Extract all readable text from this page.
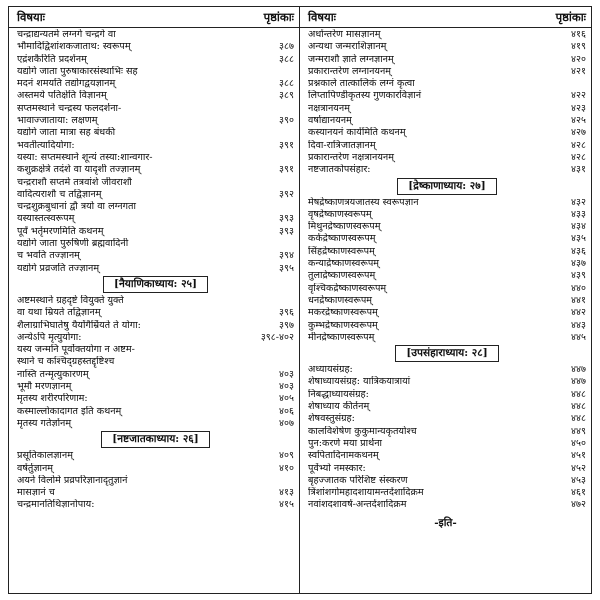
विषयाः	पृष्ठांकाः
चन्द्राद्यन्यतमे लग्नगे चन्द्रगे वा
भौमादिद्विशांशकजाताथ: स्वरूपम्	३८७
एद्रंशकैरिति प्रदर्शनम्	३८८
यद्योगे जाता पुरुषाकारसंस्थाभिः सह
मदनं शमयति तद्योगद्वयज्ञानम्	३८८
अस्तमये पतिक्षेति विज्ञानम्	३८९
सप्तमस्थाने चन्द्रस्य फलदर्शना-
भावाज्जाताया: लक्षणम्	३९०
यद्योगे जाता मात्रा सह बंधकी
भवतीत्यादियोगा:	३९१
यस्या: सप्तमस्थाने शून्यं तस्या:शान्वगार-
कशुक्रक्षेत्रे तदंशे वा यादृशी तज्ज्ञानम्	३९१
चन्द्रराशौ सप्तमे तत्रवांशे जीवराशौ
वादित्यराशौ च तद्विज्ञानम्	३९२
चन्द्रशुक्रबुधानां द्वौ त्रयो वा लग्नगता
यस्यास्तत्स्वरूपम्	३९३
पूर्वं भर्तृमरणमिति कथनम्	३९३
यद्योगे जाता पुरुषिणी ब्रह्मवादिनी
च भवति तज्ज्ञानम्	३९४
यद्योगे प्रव्रजति तज्ज्ञानम्	३९५
[नैयाणिकाध्याय: २५]
अष्टमस्थाने ग्रहदृष्टे वियुक्ते युक्ते
वा यथा म्रियते तद्विज्ञानम्	३९६
शैलाग्राभिघातेषु यैर्योगैर्म्रियते ते योगा:	३९७
अन्येऽपि मृत्युयोगा:	३९८-४०२
यस्य जन्मनि पूर्वोक्तयोगा न अष्टम-
स्थाने च कश्चिद्ग्रहस्तद्दृष्टिश्च
नास्ति तन्मृत्युकारणम्	४०३
भूमौ मरणज्ञानम्	४०३
मृतस्य शरीरपरिणाम:	४०५
कस्माल्लोकादागत इति कथनम्	४०६
मृतस्य गतेर्ज्ञानम्	४०७
[नष्टजातकाध्याय: २६]
प्रसूतिकालज्ञानम्	४०९
वर्षर्तुज्ञानम्	४१०
अयने विलोमे प्रव्रपरिज्ञानादृतुज्ञानं
मासज्ञानं च	४१३
चन्द्रमानतिथिज्ञानोपाय:	४१५
विषयाः	पृष्ठांकाः
अर्धान्तरेण मासज्ञानम्	४१६
अन्यथा जन्मराशिज्ञानम्	४१९
जन्मराशौ ज्ञाते लग्नज्ञानम्	४२०
प्रकारान्तरेण लग्नानयनम्	४२१
प्रश्नकाले तात्कालिकं लग्नं कृत्वा
लिप्तापिण्डीकृतस्य गुणकारविज्ञानं	४२२
नक्षत्रानयनम्	४२३
वर्षाद्यानयनम्	४२५
कस्यानयनं कार्यमिति कथनम्	४२७
दिवा-रात्रिजातज्ञानम्	४२८
प्रकारान्तरेण नक्षत्रानयनम्	४२८
नष्टजातकोपसंहार:	४३१
[द्रेष्काणाध्याय: २७]
मेषद्रेष्काणत्रयजातस्य स्वरूपज्ञान	४३२
वृषद्रेष्काणस्वरूपम्	४३३
मिथुनद्रेष्काणस्वरूपम्	४३४
कर्कद्रेष्काणस्वरूपम्	४३५
सिंहद्रेष्काणस्वरूपम्	४३६
कन्याद्रेष्काणस्वरूपम्	४३७
तुलाद्रेष्काणस्वरूपम्	४३९
वृश्चिकद्रेष्काणस्वरूपम्	४४०
धनद्रेष्काणस्वरूपम्	४४१
मकरद्रेष्काणस्वरूपम्	४४२
कुम्भद्रेष्काणस्वरूपम्	४४३
मीनद्रेष्काणस्वरूपम्	४४५
[उपसंहाराध्याय: २८]
अध्यायसंग्रह:	४४७
शेषाध्यायसंग्रह: यात्रिकयात्रायां	४४७
निबद्धाध्यायसंग्रह:	४४८
शेषाध्याय कीर्तनम्	४४८
शेषवस्तुसंग्रह:	४४८
कालविशेषेण कुकुमान्यकृतयोश्च	४४९
पुन:करणे मया प्रार्थना	४५०
स्वपितादिनामकथनम्	४५१
पूर्वेभ्यो नमस्कार:	४५२
बृहज्जातक परिशिष्ट संस्करण	४५३
त्रिंशांशगोमहादशायामन्तर्दशादिक्रम	४६१
नवांशदशावर्ष-अन्तर्दशादिक्रम	४७२
-इति-
